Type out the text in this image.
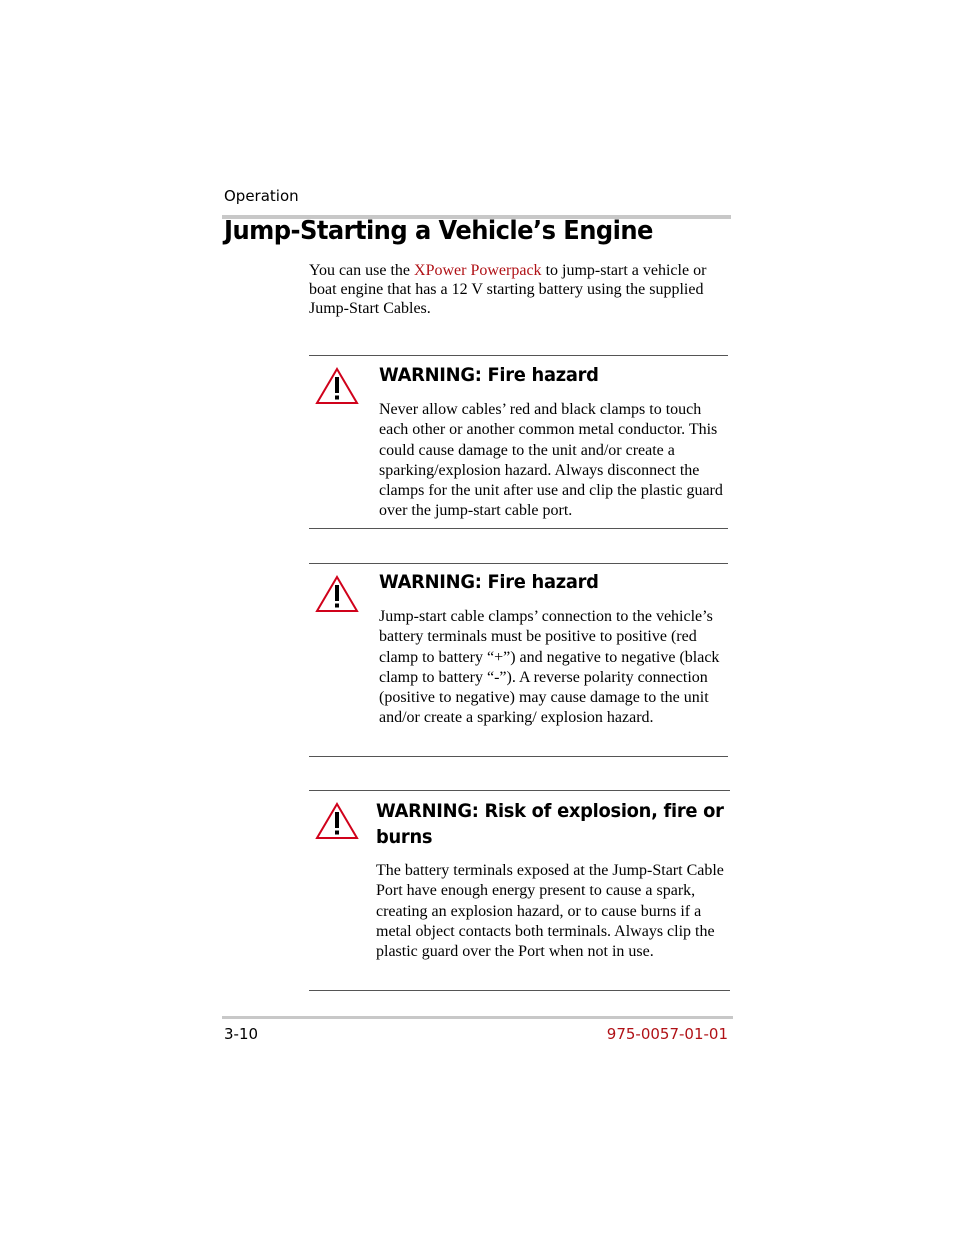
Operation
Jump-Starting a Vehicle’s Engine

You can use the XPower Powerpack to jump-start a vehicle or boat engine that has a 12 V starting battery using the supplied Jump-Start Cables.

WARNING: Fire hazard

Never allow cables’ red and black clamps to touch each other or another common metal conductor. This could cause damage to the unit and/or create a sparking/explosion hazard. Always disconnect the clamps for the unit after use and clip the plastic guard over the jump-start cable port.

WARNING: Fire hazard

Jump-start cable clamps’ connection to the vehicle’s battery terminals must be positive to positive (red clamp to battery “+”) and negative to negative (black clamp to battery “-”). A reverse polarity connection (positive to negative) may cause damage to the unit and/or create a sparking/ explosion hazard.

WARNING: Risk of explosion, fire or burns

The battery terminals exposed at the Jump-Start Cable Port have enough energy present to cause a spark, creating an explosion hazard, or to cause burns if a metal object contacts both terminals. Always clip the plastic guard over the Port when not in use.

3-10	975-0057-01-01
